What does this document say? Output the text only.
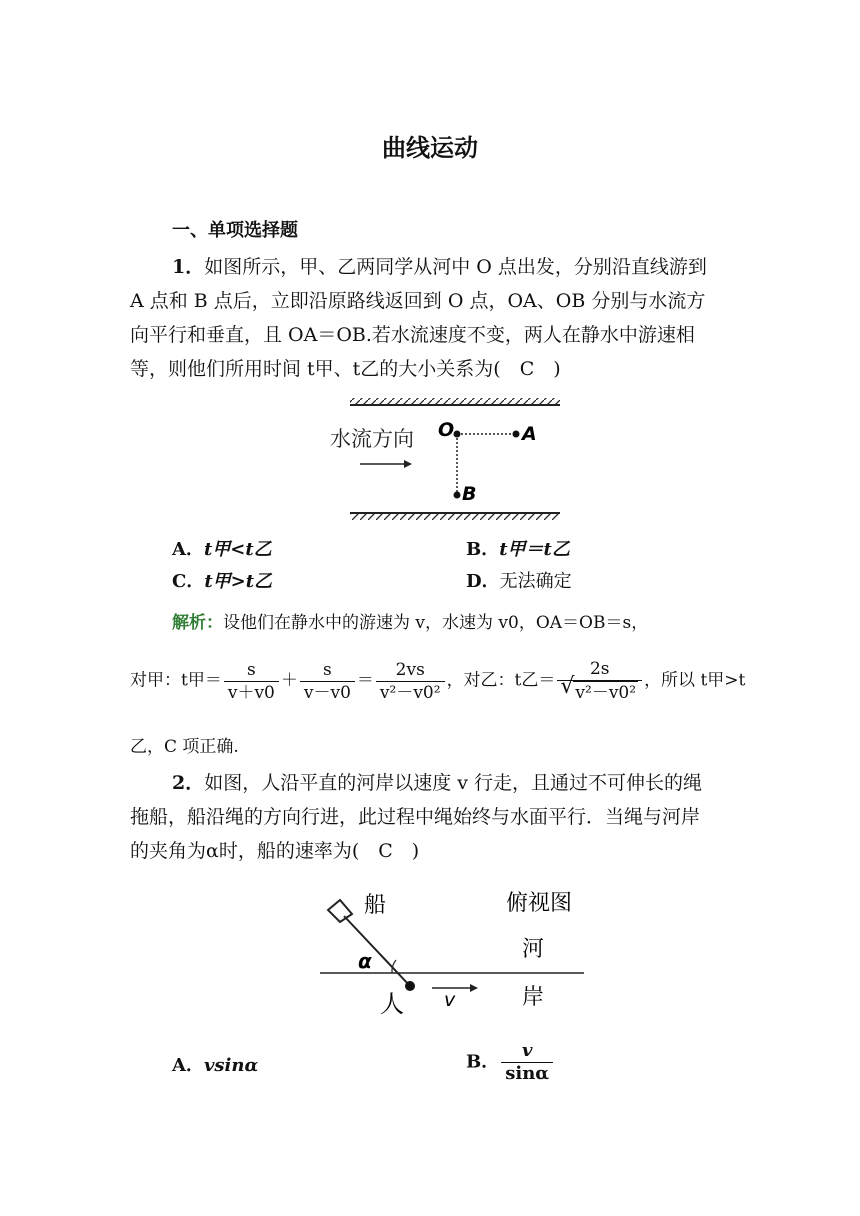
曲线运动
一、单项选择题
1．如图所示，甲、乙两同学从河中 O 点出发，分别沿直线游到
A 点和 B 点后，立即沿原路线返回到 O 点，OA、OB 分别与水流方
向平行和垂直，且 OA＝OB.若水流速度不变，两人在静水中游速相
等，则他们所用时间 t甲、t乙的大小关系为(　C　)
水流方向 O	A
B
A．t甲<t乙	B．t甲＝t乙
C．t甲>t乙	D．无法确定
解析：设他们在静水中的游速为 v，水速为 v0，OA＝OB＝s，
对甲：t甲＝ $\frac{s}{v+v0} + \frac{s}{v-v0} = \frac{2vs}{\text{v²－v0²}}$ ，对乙：t乙＝ 2s
√ v²－v0² ，所以 t甲>t
乙，C 项正确.
2．如图，人沿平直的河岸以速度 v 行走，且通过不可伸长的绳
拖船，船沿绳的方向行进，此过程中绳始终与水面平行．当绳与河岸
的夹角为α时，船的速率为(　C　)
船	俯视图
河
岸
人
α
v
A．vsinα	B． $\frac{v}{\sin\alpha}$
